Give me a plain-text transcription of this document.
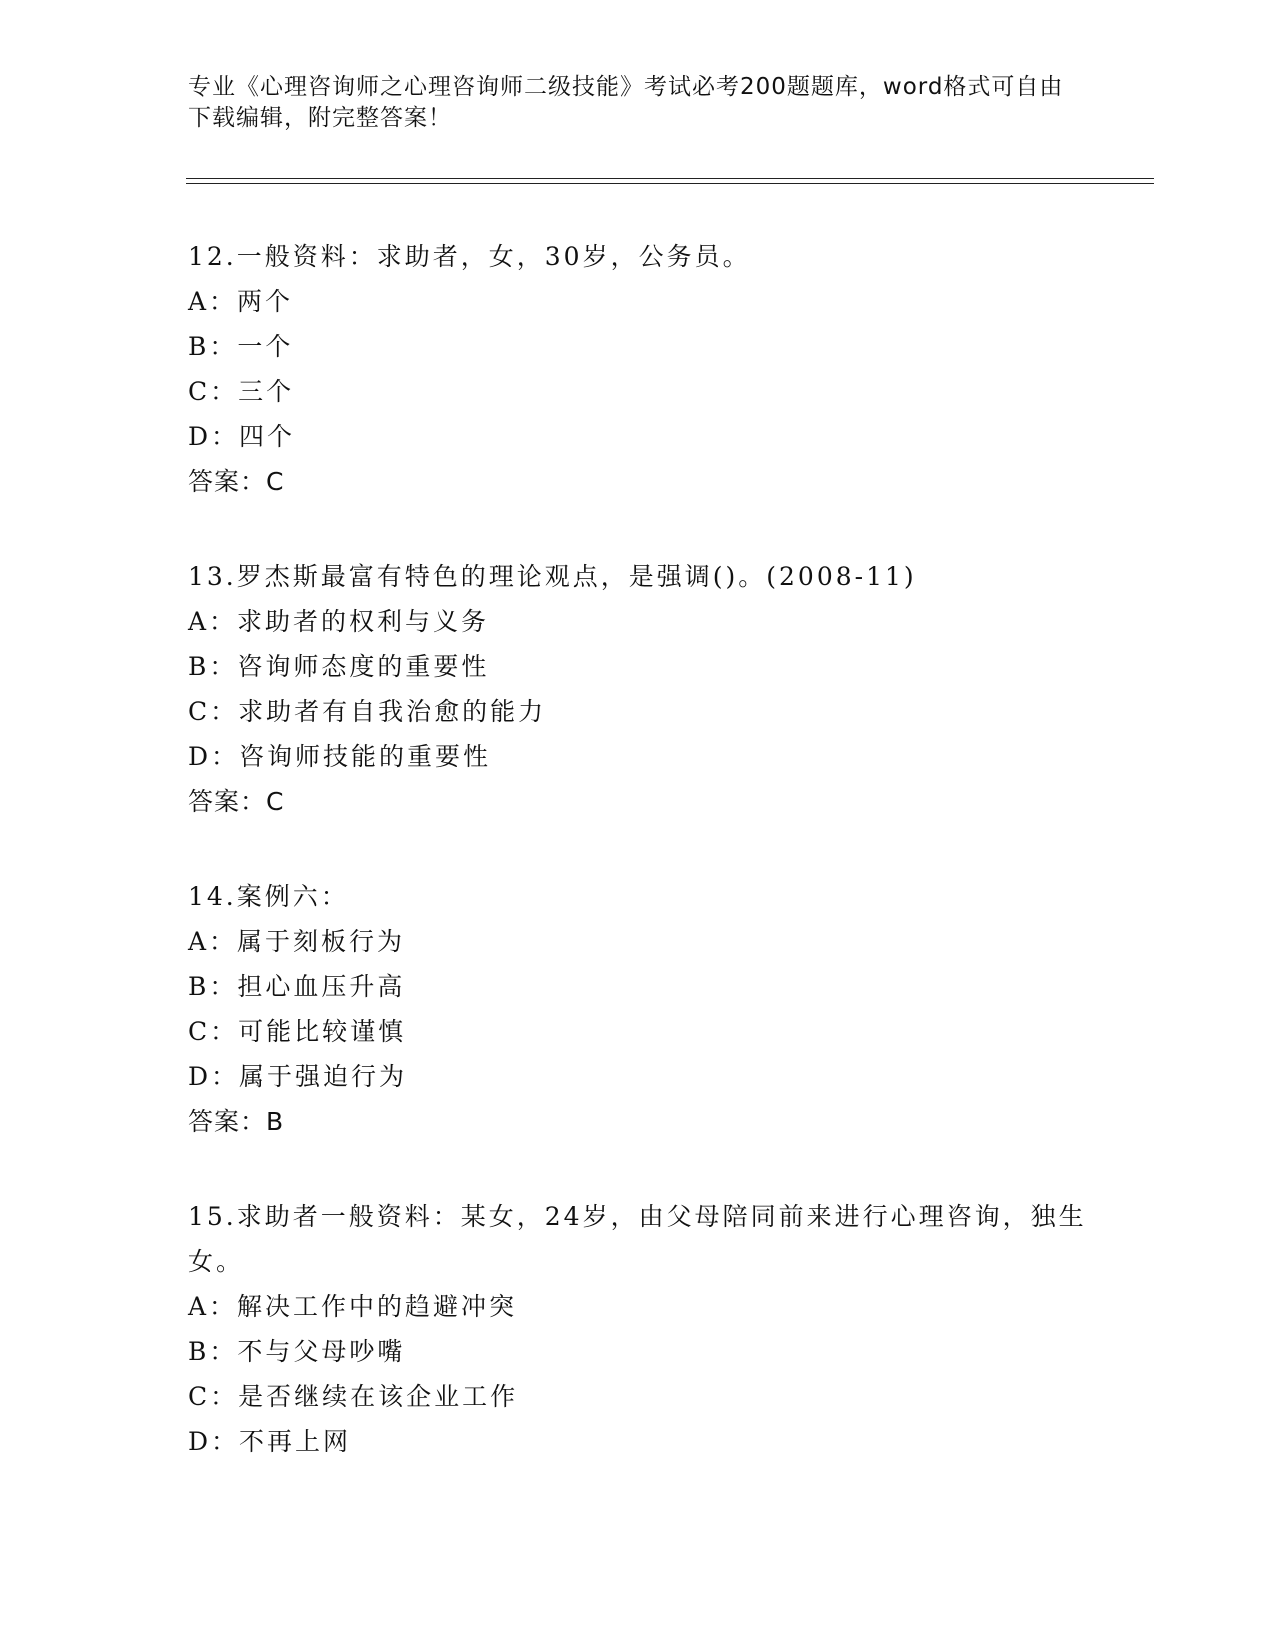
专业《心理咨询师之心理咨询师二级技能》考试必考200题题库，word格式可自由下载编辑，附完整答案！

12.一般资料：求助者，女，30岁，公务员。

A：两个

B：一个

C：三个

D：四个

答案：C

13.罗杰斯最富有特色的理论观点，是强调()。(2008-11)

A：求助者的权利与义务

B：咨询师态度的重要性

C：求助者有自我治愈的能力

D：咨询师技能的重要性

答案：C

14.案例六：

A：属于刻板行为

B：担心血压升高

C：可能比较谨慎

D：属于强迫行为

答案：B

15.求助者一般资料：某女，24岁，由父母陪同前来进行心理咨询，独生女。

A：解决工作中的趋避冲突

B：不与父母吵嘴

C：是否继续在该企业工作

D：不再上网
